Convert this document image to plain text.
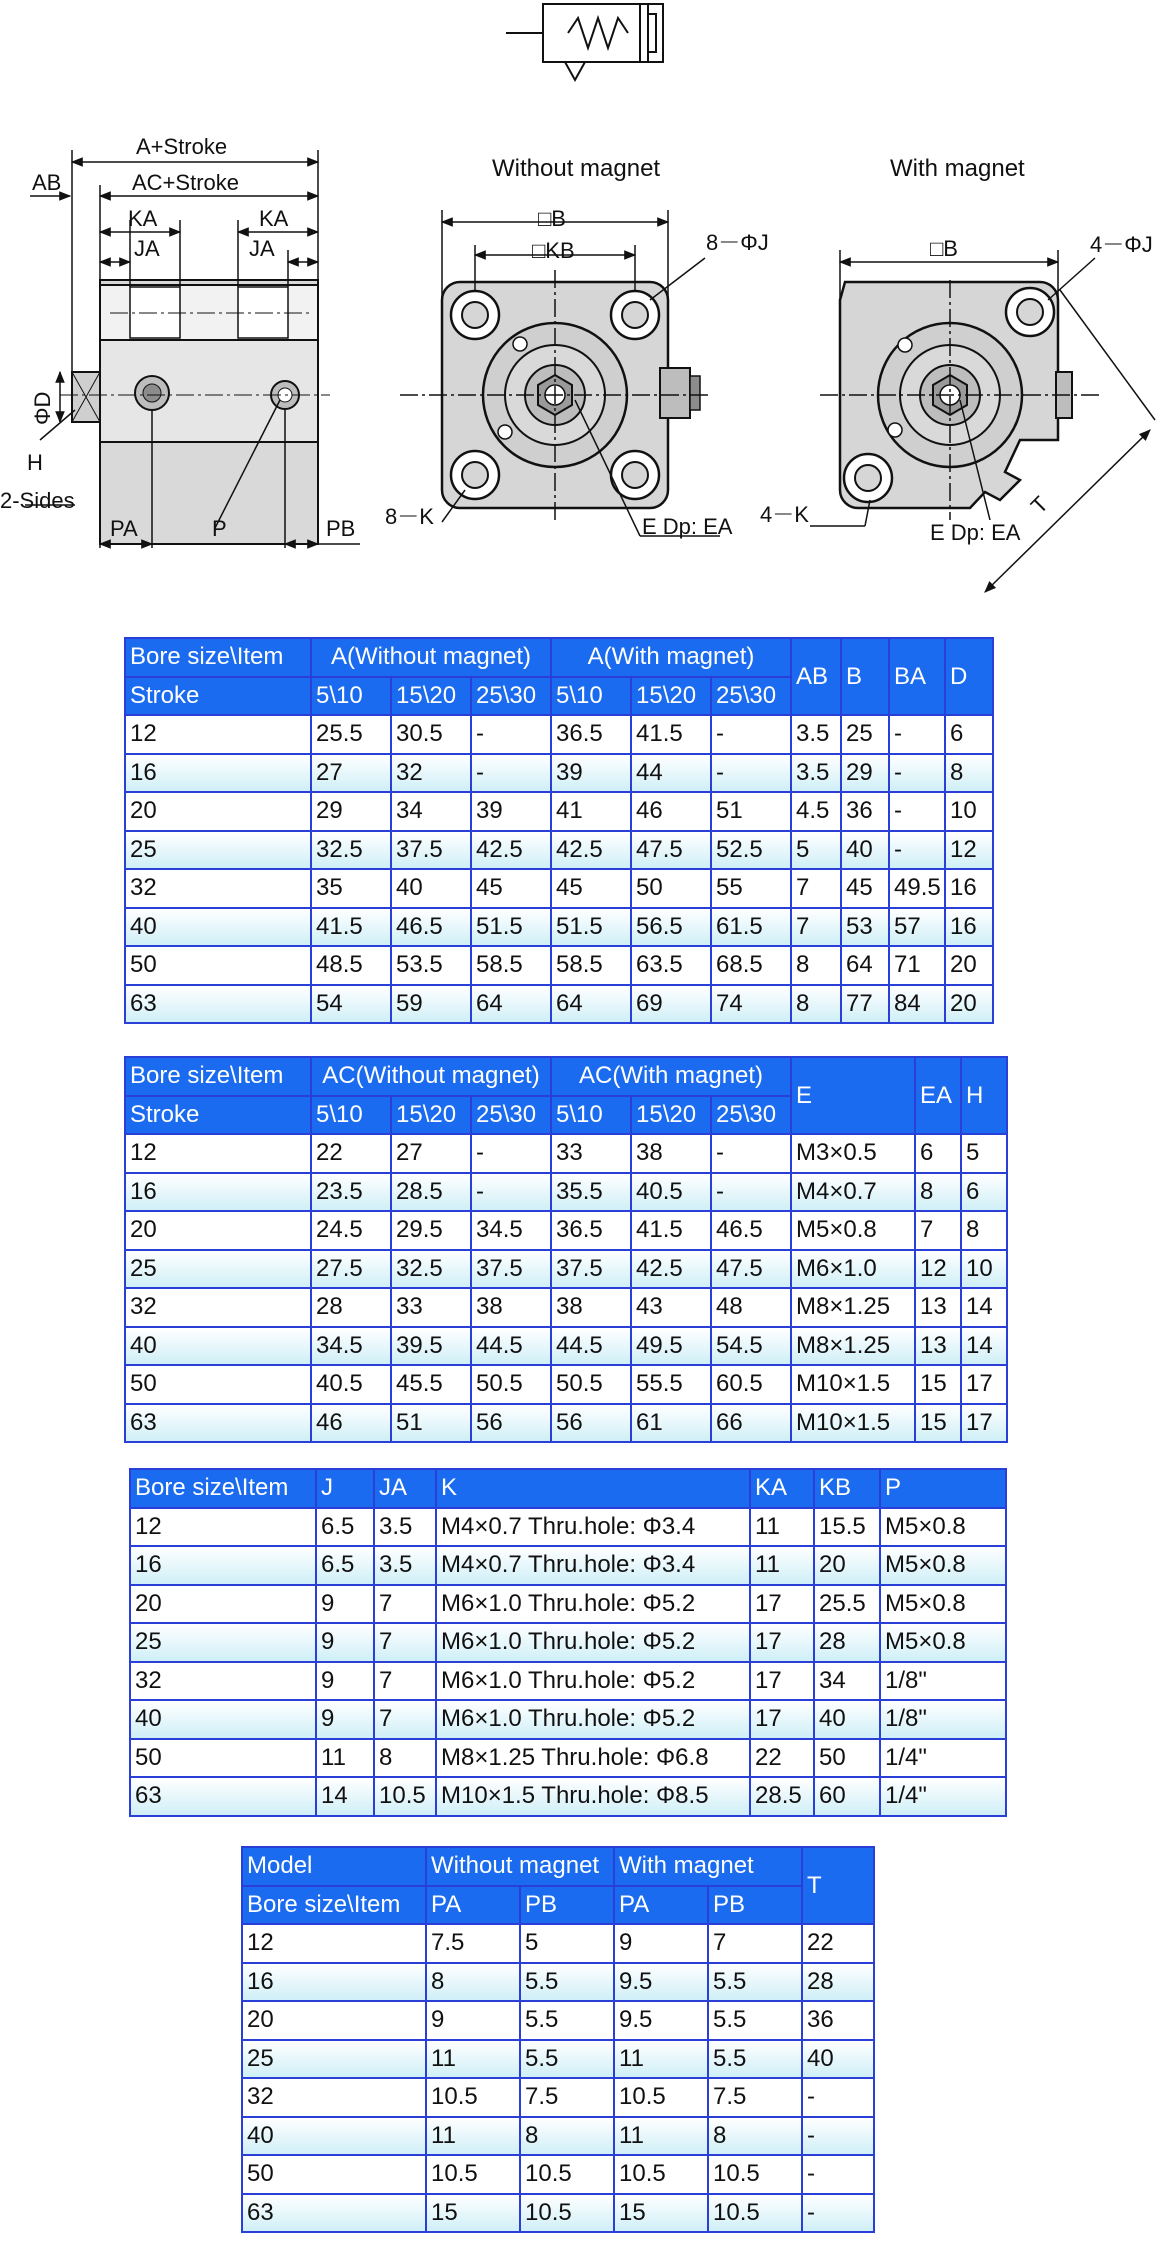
A+Stroke
AB	AC+Stroke
KA	KA
JA	JA
ΦD
H
2-Sides
PA	P	PB
Without magnet
□B
□KB	8－ΦJ
8－K	E Dp: EA
With magnet
□B	4－ΦJ
4－K
E Dp: EA
T
Bore size\Item	A(Without magnet)			A(With magnet)			AB	B	BA	D
Stroke	5\10	15\20	25\30	5\10	15\20	25\30				
12	25.5	30.5	-	36.5	41.5	-	3.5	25	-	6
16	27	32	-	39	44	-	3.5	29	-	8
20	29	34	39	41	46	51	4.5	36	-	10
25	32.5	37.5	42.5	42.5	47.5	52.5	5	40	-	12
32	35	40	45	45	50	55	7	45	49.5	16
40	41.5	46.5	51.5	51.5	56.5	61.5	7	53	57	16
50	48.5	53.5	58.5	58.5	63.5	68.5	8	64	71	20
63	54	59	64	64	69	74	8	77	84	20
Bore size\Item	AC(Without magnet)			AC(With magnet)			E	EA	H
Stroke	5\10	15\20	25\30	5\10	15\20	25\30			
12	22	27	-	33	38	-	M3×0.5	6	5
16	23.5	28.5	-	35.5	40.5	-	M4×0.7	8	6
20	24.5	29.5	34.5	36.5	41.5	46.5	M5×0.8	7	8
25	27.5	32.5	37.5	37.5	42.5	47.5	M6×1.0	12	10
32	28	33	38	38	43	48	M8×1.25	13	14
40	34.5	39.5	44.5	44.5	49.5	54.5	M8×1.25	13	14
50	40.5	45.5	50.5	50.5	55.5	60.5	M10×1.5	15	17
63	46	51	56	56	61	66	M10×1.5	15	17
Bore size\Item	J	JA	K	KA	KB	P
12	6.5	3.5	M4×0.7 Thru.hole: Φ3.4	11	15.5	M5×0.8
16	6.5	3.5	M4×0.7 Thru.hole: Φ3.4	11	20	M5×0.8
20	9	7	M6×1.0 Thru.hole: Φ5.2	17	25.5	M5×0.8
25	9	7	M6×1.0 Thru.hole: Φ5.2	17	28	M5×0.8
32	9	7	M6×1.0 Thru.hole: Φ5.2	17	34	1/8"
40	9	7	M6×1.0 Thru.hole: Φ5.2	17	40	1/8"
50	11	8	M8×1.25 Thru.hole: Φ6.8	22	50	1/4"
63	14	10.5	M10×1.5 Thru.hole: Φ8.5	28.5	60	1/4"
Model	Without magnet		With magnet		T
Bore size\Item	PA	PB	PA	PB	
12	7.5	5	9	7	22
16	8	5.5	9.5	5.5	28
20	9	5.5	9.5	5.5	36
25	11	5.5	11	5.5	40
32	10.5	7.5	10.5	7.5	-
40	11	8	11	8	-
50	10.5	10.5	10.5	10.5	-
63	15	10.5	15	10.5	-
